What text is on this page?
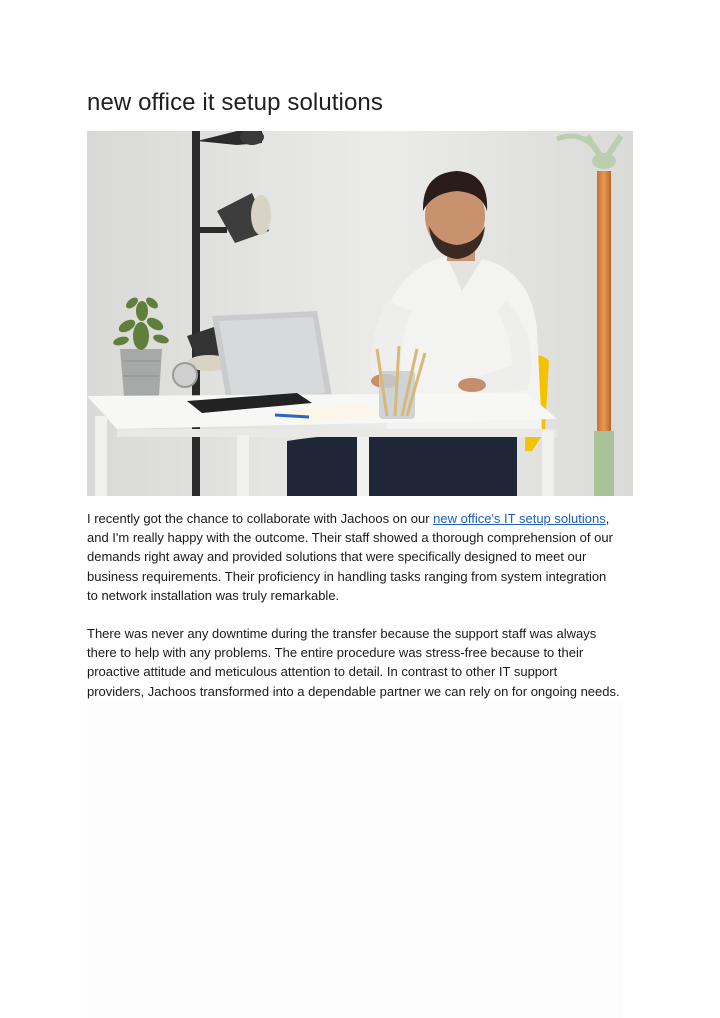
new office it setup solutions
I recently got the chance to collaborate with Jachoos on our new office's IT setup solutions,
and I'm really happy with the outcome. Their staff showed a thorough comprehension of our
demands right away and provided solutions that were specifically designed to meet our
business requirements. Their proficiency in handling tasks ranging from system integration
to network installation was truly remarkable.
There was never any downtime during the transfer because the support staff was always
there to help with any problems. The entire procedure was stress-free because to their
proactive attitude and meticulous attention to detail. In contrast to other IT support
providers, Jachoos transformed into a dependable partner we can rely on for ongoing needs.
